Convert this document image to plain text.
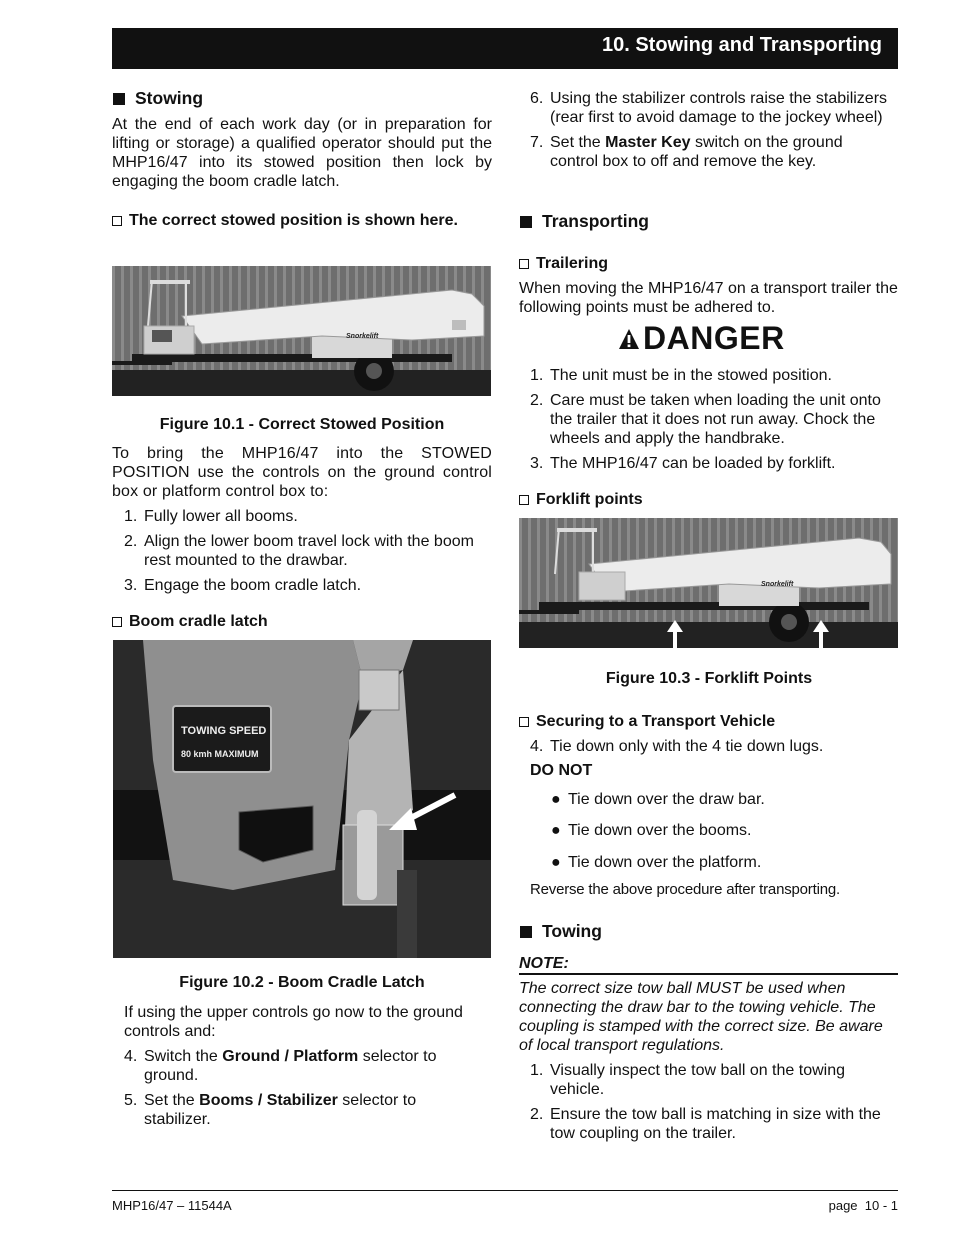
10. Stowing and Transporting
Stowing
At the end of each work day (or in preparation for lifting or storage) a qualified operator should put the MHP16/47 into its stowed position then lock by engaging the boom cradle latch.
The correct stowed position is shown here.
Snorkelift
Figure 10.1 - Correct Stowed Position
To bring the MHP16/47 into the STOWED POSITION use the controls on the ground control box or platform control box to:
1. Fully lower all booms.
2. Align the lower boom travel lock with the boom rest mounted to the drawbar.
3. Engage the boom cradle latch.
Boom cradle latch
TOWING SPEED
80 kmh MAXIMUM
Figure 10.2 - Boom Cradle Latch
If using the upper controls go now to the ground controls and:
4. Switch the Ground / Platform selector to ground.
5. Set the Booms / Stabilizer selector to stabilizer.
6. Using the stabilizer controls raise the stabilizers (rear first to avoid damage to the jockey wheel)
7. Set the Master Key switch on the ground control box to off and remove the key.
Transporting
Trailering
When moving the MHP16/47 on a transport trailer the following points must be adhered to.
DANGER
1. The unit must be in the stowed position.
2. Care must be taken when loading the unit onto the trailer that it does not run away. Chock the wheels and apply the handbrake.
3. The MHP16/47 can be loaded by forklift.
Forklift points
Snorkelift
Figure 10.3 - Forklift Points
Securing to a Transport Vehicle
4. Tie down only with the 4 tie down lugs.
DO NOT
● Tie down over the draw bar.
● Tie down over the booms.
● Tie down over the platform.
Reverse the above procedure after transporting.
Towing
NOTE:
The correct size tow ball MUST be used when connecting the draw bar to the towing vehicle. The coupling is stamped with the correct size. Be aware of local transport regulations.
1. Visually inspect the tow ball on the towing vehicle.
2. Ensure the tow ball is matching in size with the tow coupling on the trailer.
MHP16/47 – 11544A	page  10 - 1
